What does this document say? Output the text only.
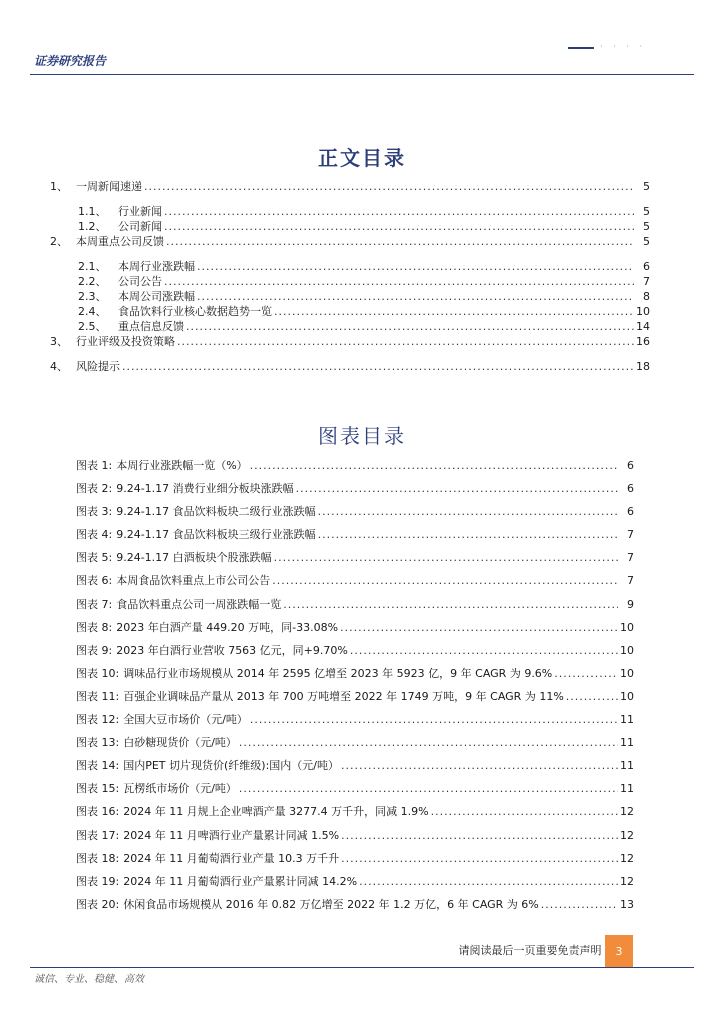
证券研究报告
· · · ·
正文目录
1、 一周新闻速递 .....	5
1.1、 行业新闻 .....	5
1.2、 公司新闻 .....	5
2、 本周重点公司反馈 .....	5
2.1、 本周行业涨跌幅 .....	6
2.2、 公司公告 .....	7
2.3、 本周公司涨跌幅 .....	8
2.4、 食品饮料行业核心数据趋势一览 .....	10
2.5、 重点信息反馈 .....	14
3、 行业评级及投资策略 .....	16
4、 风险提示 .....	18
图表目录
图表 1: 本周行业涨跌幅一览（%） .....	6
图表 2: 9.24-1.17 消费行业细分板块涨跌幅 .....	6
图表 3: 9.24-1.17 食品饮料板块二级行业涨跌幅 .....	6
图表 4: 9.24-1.17 食品饮料板块三级行业涨跌幅 .....	7
图表 5: 9.24-1.17 白酒板块个股涨跌幅 .....	7
图表 6: 本周食品饮料重点上市公司公告 .....	7
图表 7: 食品饮料重点公司一周涨跌幅一览 .....	9
图表 8: 2023 年白酒产量 449.20 万吨，同-33.08% .....	10
图表 9: 2023 年白酒行业营收 7563 亿元，同+9.70% .....	10
图表 10: 调味品行业市场规模从 2014 年 2595 亿增至 2023 年 5923 亿，9 年 CAGR 为 9.6% .....	10
图表 11: 百强企业调味品产量从 2013 年 700 万吨增至 2022 年 1749 万吨，9 年 CAGR 为 11% .....	10
图表 12: 全国大豆市场价（元/吨） .....	11
图表 13: 白砂糖现货价（元/吨） .....	11
图表 14: 国内PET 切片现货价(纤维级):国内（元/吨） .....	11
图表 15: 瓦楞纸市场价（元/吨） .....	11
图表 16: 2024 年 11 月规上企业啤酒产量 3277.4 万千升，同减 1.9% .....	12
图表 17: 2024 年 11 月啤酒行业产量累计同减 1.5% .....	12
图表 18: 2024 年 11 月葡萄酒行业产量 10.3 万千升 .....	12
图表 19: 2024 年 11 月葡萄酒行业产量累计同减 14.2% .....	12
图表 20: 休闲食品市场规模从 2016 年 0.82 万亿增至 2022 年 1.2 万亿，6 年 CAGR 为 6% .....	13
请阅读最后一页重要免责声明	3
诚信、专业、稳健、高效
